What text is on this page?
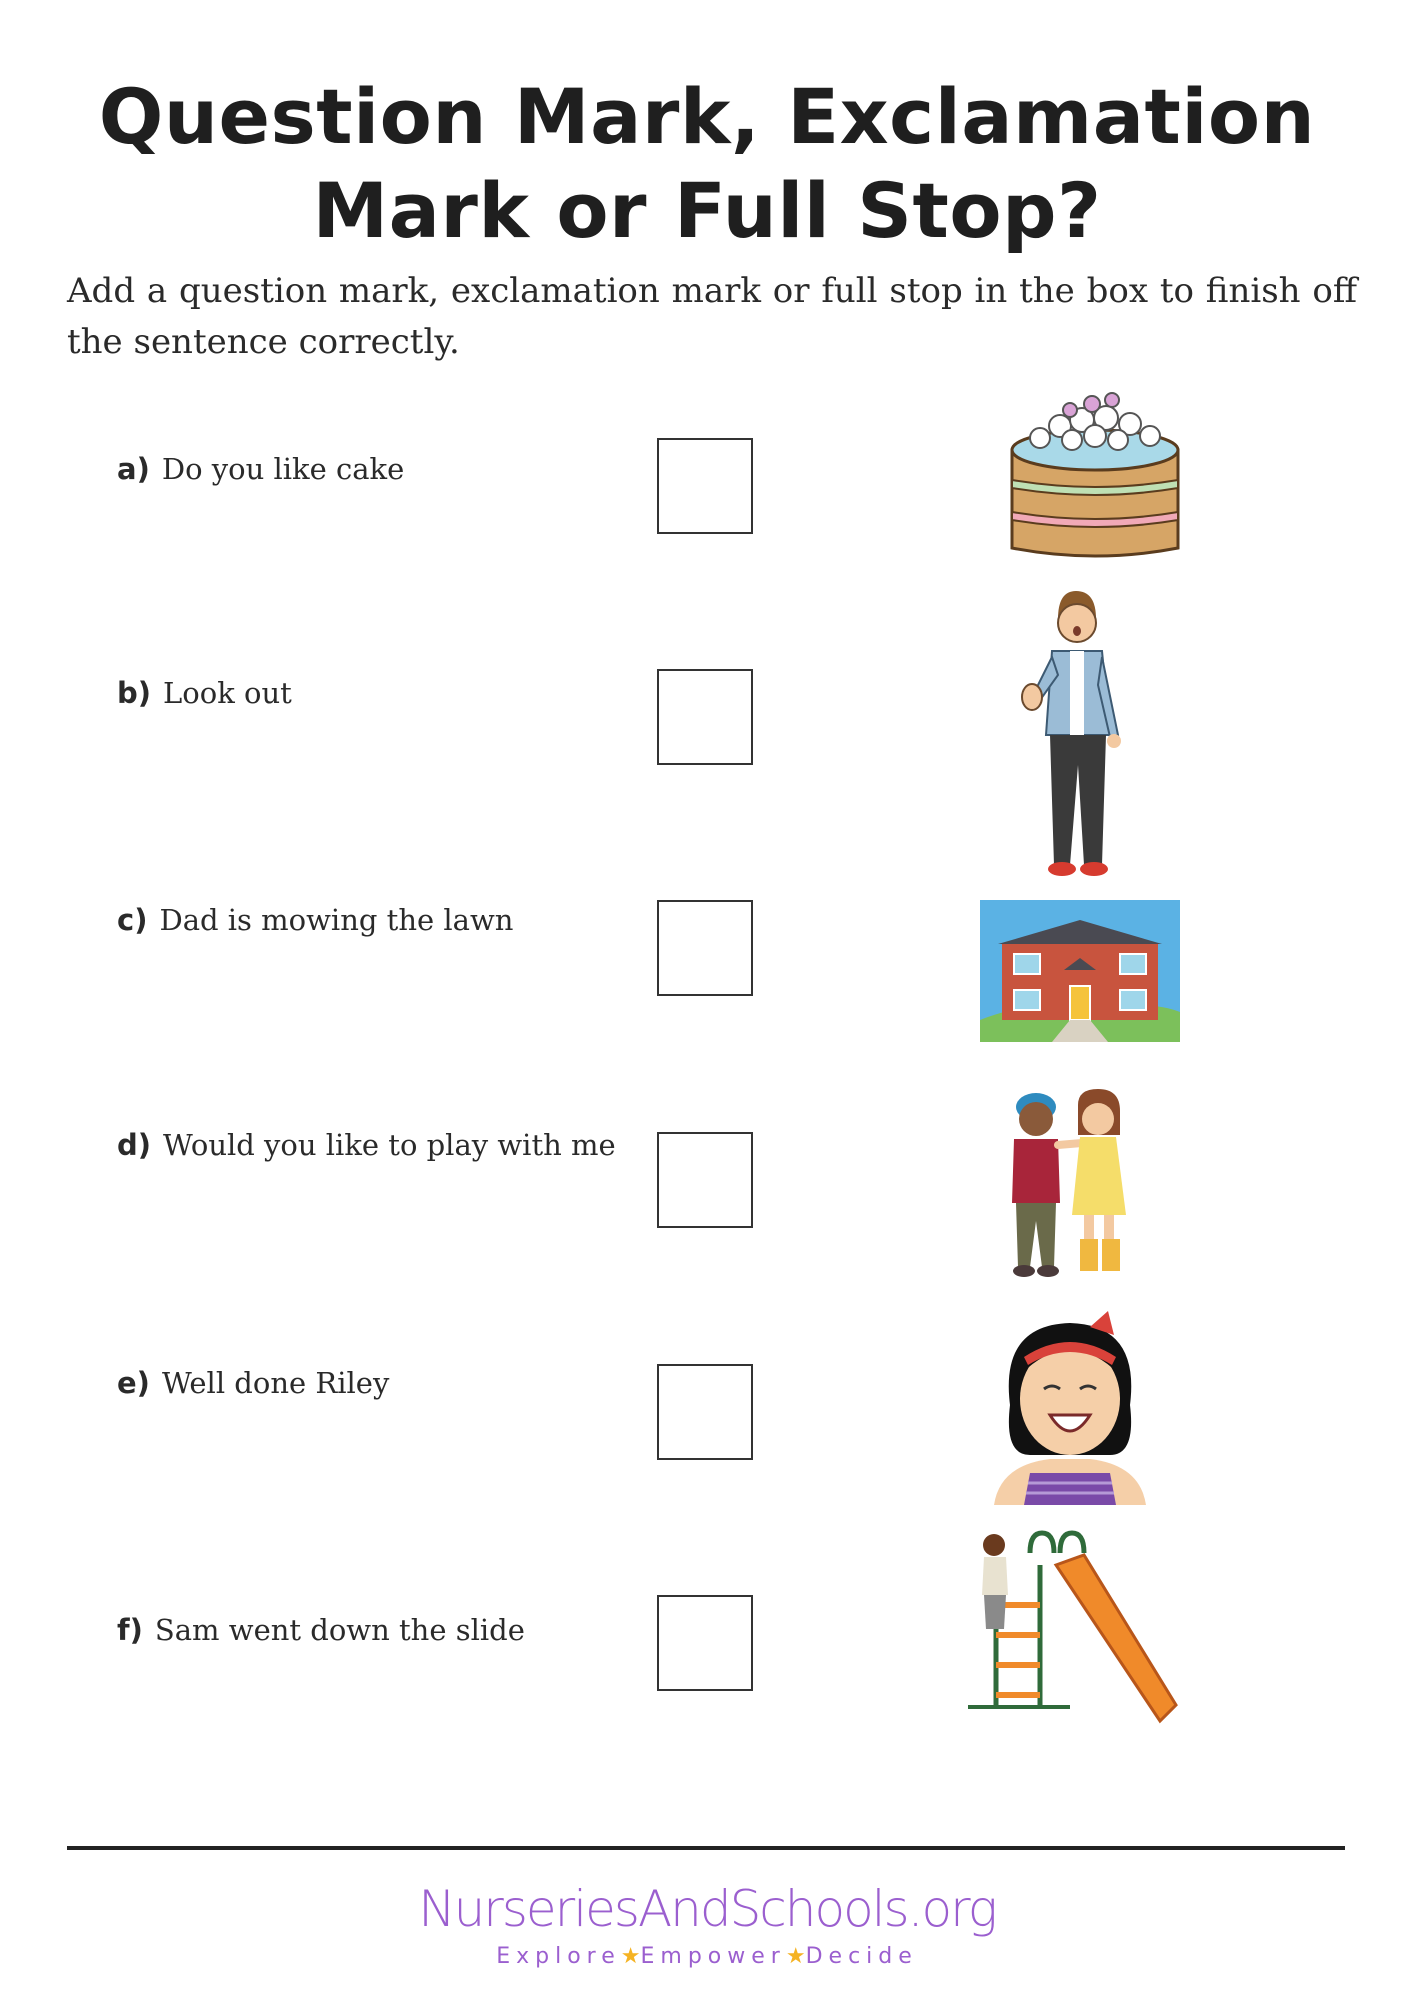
Question Mark, Exclamation Mark or Full Stop?

Add a question mark, exclamation mark or full stop in the box to finish off the sentence correctly.

a) Do you like cake
b) Look out
c) Dad is mowing the lawn
d) Would you like to play with me
e) Well done Riley
f) Sam went down the slide
NurseriesAndSchools.org
Explore★Empower★Decide
